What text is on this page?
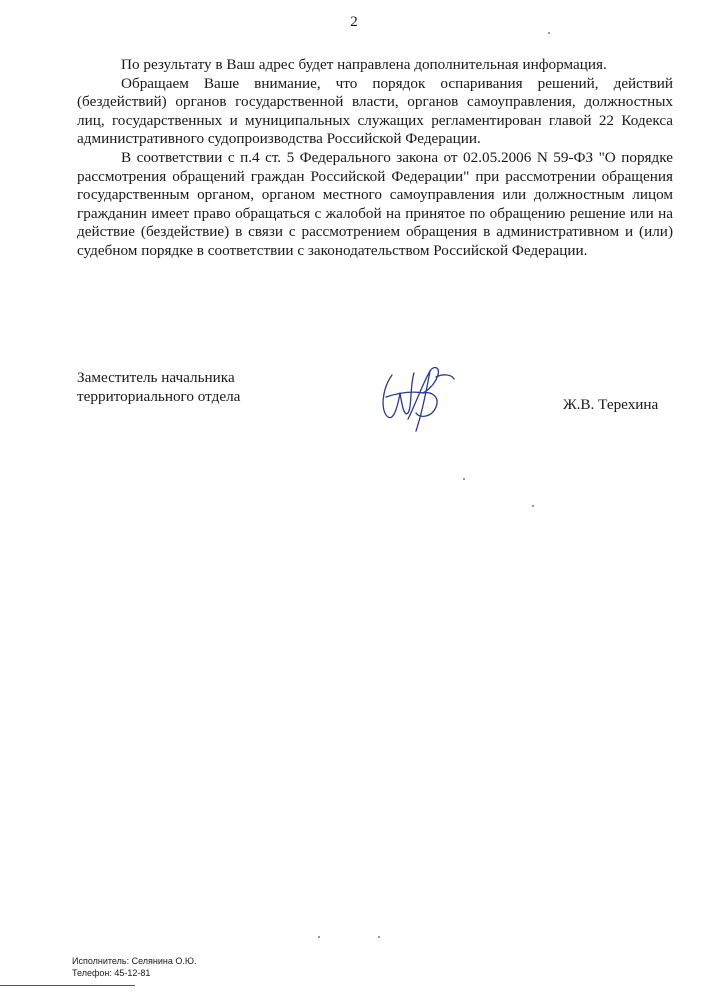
2

По результату в Ваш адрес будет направлена дополнительная информация.

Обращаем Ваше внимание, что порядок оспаривания решений, действий (бездействий) органов государственной власти, органов самоуправления, должностных лиц, государственных и муниципальных служащих регламентирован главой 22 Кодекса административного судопроизводства Российской Федерации.

В соответствии с п.4 ст. 5 Федерального закона от 02.05.2006 N 59-ФЗ "О порядке рассмотрения обращений граждан Российской Федерации" при рассмотрении обращения государственным органом, органом местного самоуправления или должностным лицом гражданин имеет право обращаться с жалобой на принятое по обращению решение или на действие (бездействие) в связи с рассмотрением обращения в административном и (или) судебном порядке в соответствии с законодательством Российской Федерации.

Заместитель начальника
территориального отдела	Ж.В. Терехина
Исполнитель: Селянина О.Ю.
Телефон: 45-12-81
